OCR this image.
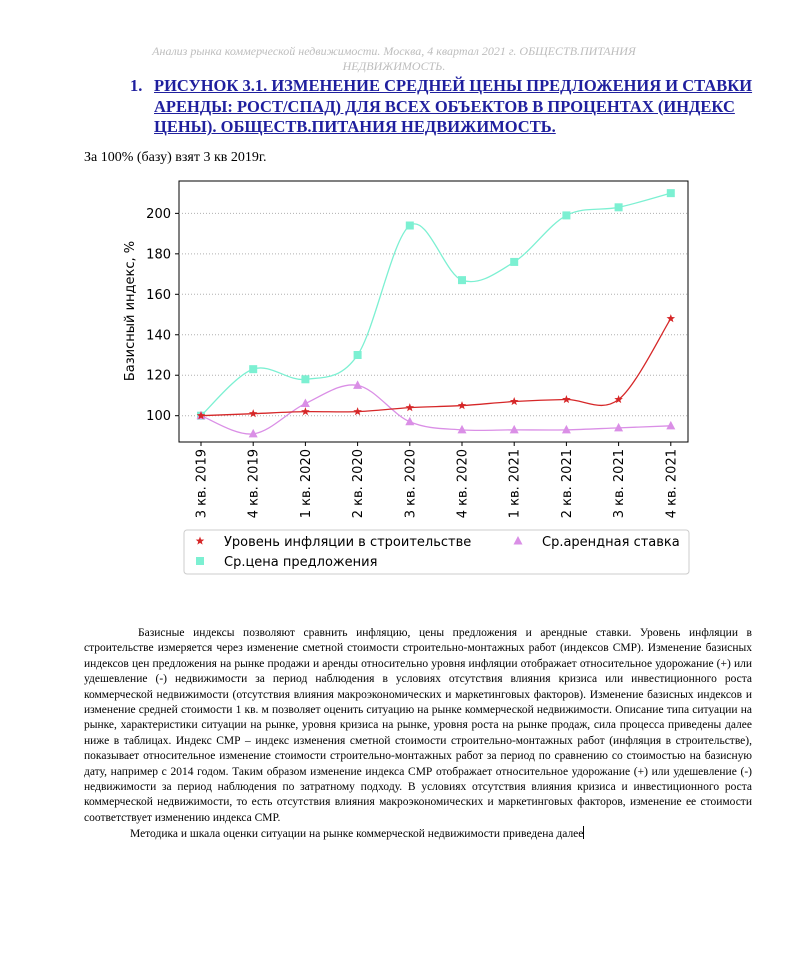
Анализ рынка коммерческой недвижимости. Москва, 4 квартал 2021 г. ОБЩЕСТВ.ПИТАНИЯ
НЕДВИЖИМОСТЬ.
1. РИСУНОК 3.1. ИЗМЕНЕНИЕ СРЕДНЕЙ ЦЕНЫ ПРЕДЛОЖЕНИЯ И СТАВКИ АРЕНДЫ: РОСТ/СПАД) ДЛЯ ВСЕХ ОБЪЕКТОВ В ПРОЦЕНТАХ (ИНДЕКС ЦЕНЫ). ОБЩЕСТВ.ПИТАНИЯ НЕДВИЖИМОСТЬ.
За 100% (базу) взят 3 кв 2019г.
100
120
140
160
180
200
3 кв. 2019	4 кв. 2019	1 кв. 2020	2 кв. 2020	3 кв. 2020	4 кв. 2020	1 кв. 2021	2 кв. 2021	3 кв. 2021	4 кв. 2021
Базисный индекс, %
Уровень инфляции в строительстве	Ср.арендная ставка
Ср.цена предложения

Базисные индексы позволяют сравнить инфляцию, цены предложения и арендные ставки. Уровень инфляции в строительстве измеряется через изменение сметной стоимости строительно-монтажных работ (индексов СМР). Изменение базисных индексов цен предложения на рынке продажи и аренды относительно уровня инфляции отображает относительное удорожание (+) или удешевление (-) недвижимости за период наблюдения в условиях отсутствия влияния кризиса или инвестиционного роста коммерческой недвижимости (отсутствия влияния макроэкономических и маркетинговых факторов). Изменение базисных индексов и изменение средней стоимости 1 кв. м позволяет оценить ситуацию на рынке коммерческой недвижимости. Описание типа ситуации на рынке, характеристики ситуации на рынке, уровня кризиса на рынке, уровня роста на рынке продаж, сила процесса приведены далее ниже в таблицах. Индекс СМР – индекс изменения сметной стоимости строительно-монтажных работ (инфляция в строительстве), показывает относительное изменение стоимости строительно-монтажных работ за период по сравнению со стоимостью на базисную дату, например с 2014 годом. Таким образом изменение индекса СМР отображает относительное удорожание (+) или удешевление (-) недвижимости за период наблюдения по затратному подходу. В условиях отсутствия влияния кризиса и инвестиционного роста коммерческой недвижимости, то есть отсутствия влияния макроэкономических и маркетинговых факторов, изменение ее стоимости соответствует изменению индекса СМР.

Методика и шкала оценки ситуации на рынке коммерческой недвижимости приведена далее
